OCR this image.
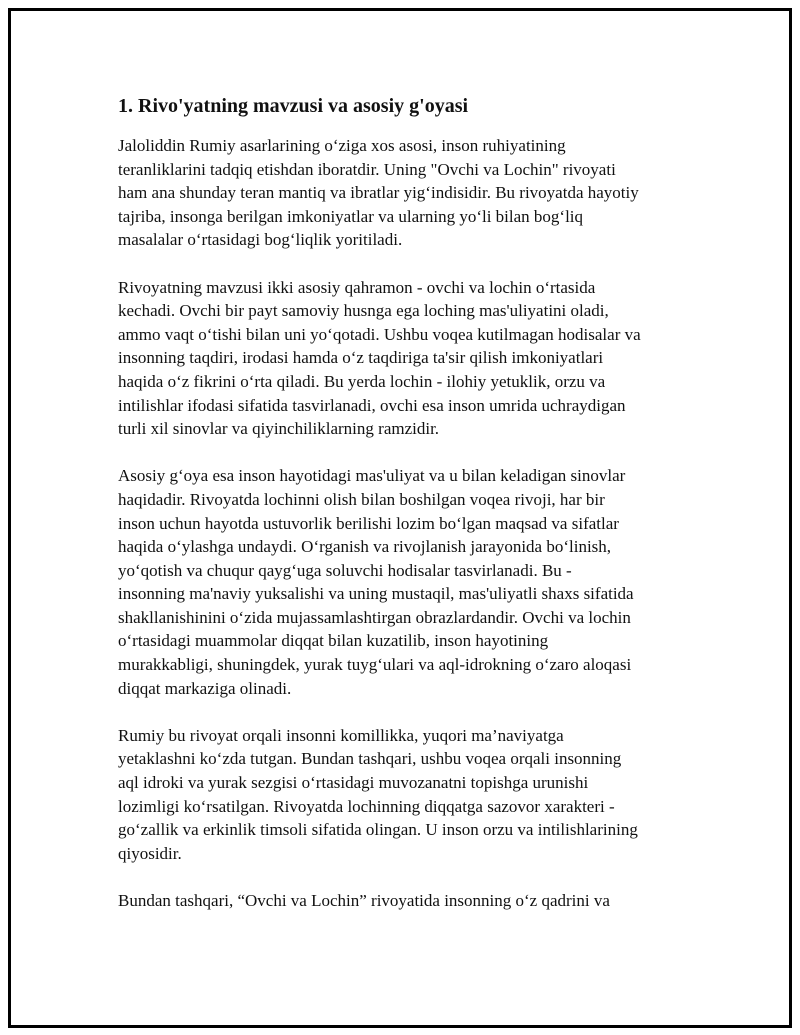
1. Rivo'yatning mavzusi va asosiy g'oyasi
Jaloliddin Rumiy asarlarining o‘ziga xos asosi, inson ruhiyatining
teranliklarini tadqiq etishdan iboratdir. Uning "Ovchi va Lochin" rivoyati
ham ana shunday teran mantiq va ibratlar yig‘indisidir. Bu rivoyatda hayotiy
tajriba, insonga berilgan imkoniyatlar va ularning yo‘li bilan bog‘liq
masalalar o‘rtasidagi bog‘liqlik yoritiladi.
Rivoyatning mavzusi ikki asosiy qahramon - ovchi va lochin o‘rtasida
kechadi. Ovchi bir payt samoviy husnga ega loching mas'uliyatini oladi,
ammo vaqt o‘tishi bilan uni yo‘qotadi. Ushbu voqea kutilmagan hodisalar va
insonning taqdiri, irodasi hamda o‘z taqdiriga ta'sir qilish imkoniyatlari
haqida o‘z fikrini o‘rta qiladi. Bu yerda lochin - ilohiy yetuklik, orzu va
intilishlar ifodasi sifatida tasvirlanadi, ovchi esa inson umrida uchraydigan
turli xil sinovlar va qiyinchiliklarning ramzidir.
Asosiy g‘oya esa inson hayotidagi mas'uliyat va u bilan keladigan sinovlar
haqidadir. Rivoyatda lochinni olish bilan boshilgan voqea rivoji, har bir
inson uchun hayotda ustuvorlik berilishi lozim bo‘lgan maqsad va sifatlar
haqida o‘ylashga undaydi. O‘rganish va rivojlanish jarayonida bo‘linish,
yo‘qotish va chuqur qayg‘uga soluvchi hodisalar tasvirlanadi. Bu -
insonning ma'naviy yuksalishi va uning mustaqil, mas'uliyatli shaxs sifatida
shakllanishinini o‘zida mujassamlashtirgan obrazlardandir. Ovchi va lochin
o‘rtasidagi muammolar diqqat bilan kuzatilib, inson hayotining
murakkabligi, shuningdek, yurak tuyg‘ulari va aql-idrokning o‘zaro aloqasi
diqqat markaziga olinadi.
Rumiy bu rivoyat orqali insonni komillikka, yuqori ma’naviyatga
yetaklashni ko‘zda tutgan. Bundan tashqari, ushbu voqea orqali insonning
aql idroki va yurak sezgisi o‘rtasidagi muvozanatni topishga urunishi
lozimligi ko‘rsatilgan. Rivoyatda lochinning diqqatga sazovor xarakteri -
go‘zallik va erkinlik timsoli sifatida olingan. U inson orzu va intilishlarining
qiyosidir.
Bundan tashqari, “Ovchi va Lochin” rivoyatida insonning o‘z qadrini va
